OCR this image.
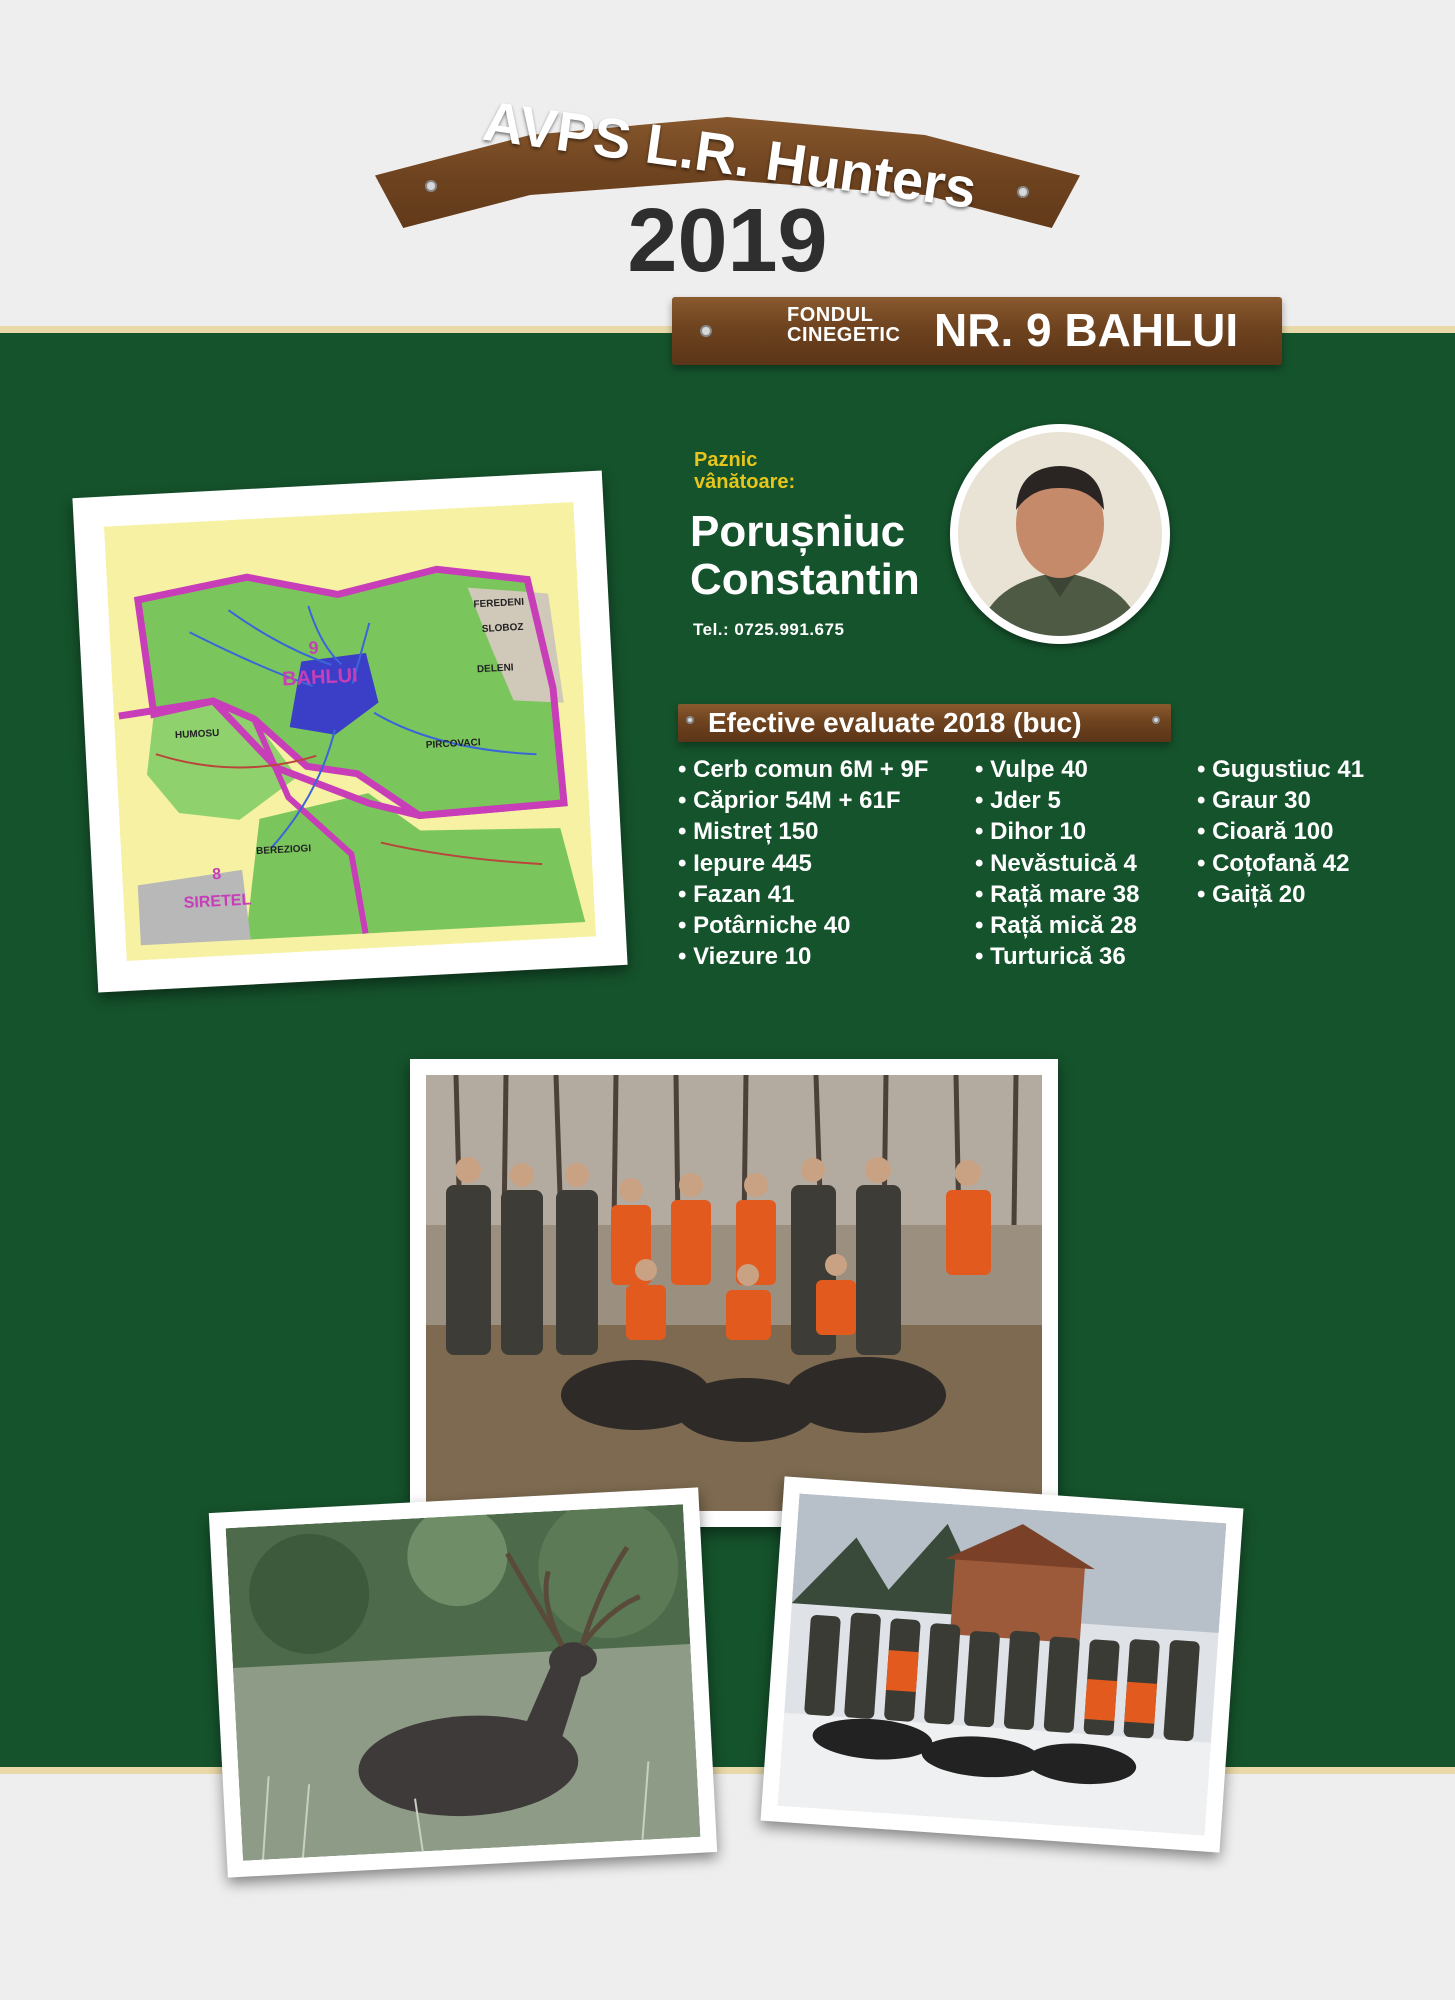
AVPS L.R. Hunters
2019
FONDUL
CINEGETIC NR. 9 BAHLUI
9
BAHLUI
FEREDENI
SLOBOZ
DELENI
HUMOSU
PIRCOVACI
BEREZIOGI
8
SIRETEL
Paznic
vânătoare:
Porușniuc
Constantin
Tel.: 0725.991.675
Efective evaluate 2018 (buc)
• Cerb comun 6M + 9F
• Căprior 54M + 61F
• Mistreț 150
• Iepure 445
• Fazan 41
• Potârniche 40
• Viezure 10
• Vulpe 40
• Jder 5
• Dihor 10
• Nevăstuică 4
• Rață mare 38
• Rață mică 28
• Turturică 36
• Gugustiuc 41
• Graur 30
• Cioară 100
• Coțofană 42
• Gaiță 20
